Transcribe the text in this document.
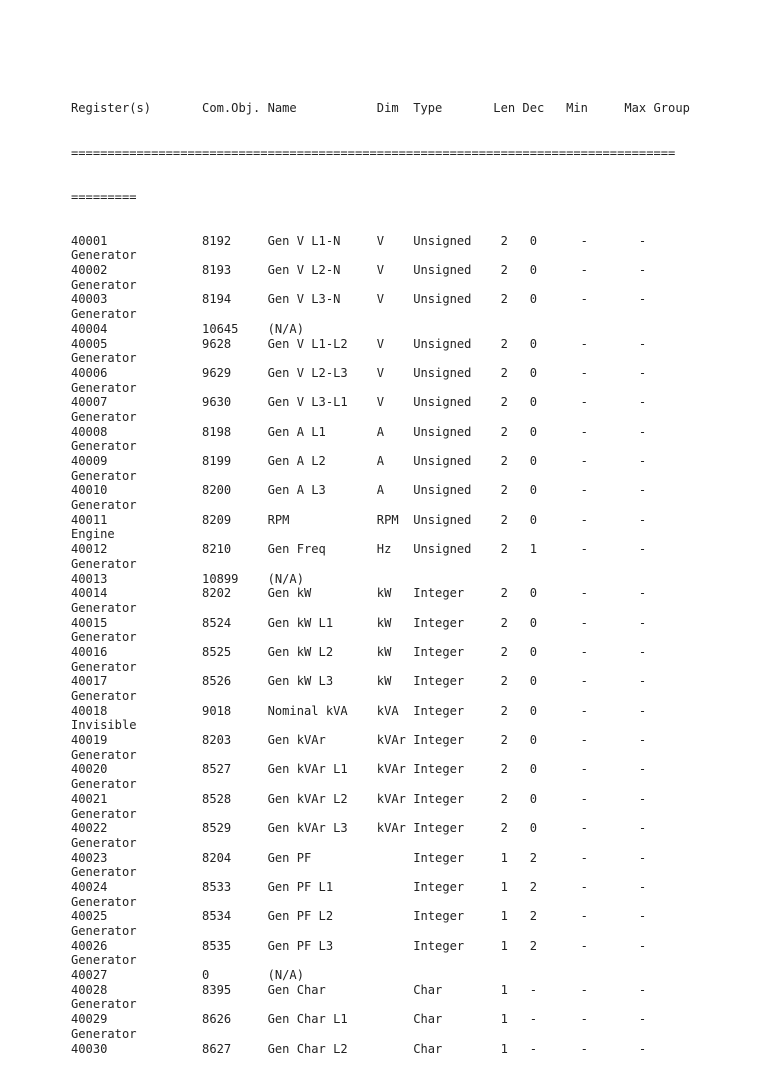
Register(s)       Com.Obj. Name           Dim  Type       Len Dec   Min     Max Group

===================================================================================

=========

40001             8192     Gen V L1-N     V    Unsigned    2   0      -       -
Generator
40002             8193     Gen V L2-N     V    Unsigned    2   0      -       -
Generator
40003             8194     Gen V L3-N     V    Unsigned    2   0      -       -
Generator
40004             10645    (N/A)
40005             9628     Gen V L1-L2    V    Unsigned    2   0      -       -
Generator
40006             9629     Gen V L2-L3    V    Unsigned    2   0      -       -
Generator
40007             9630     Gen V L3-L1    V    Unsigned    2   0      -       -
Generator
40008             8198     Gen A L1       A    Unsigned    2   0      -       -
Generator
40009             8199     Gen A L2       A    Unsigned    2   0      -       -
Generator
40010             8200     Gen A L3       A    Unsigned    2   0      -       -
Generator
40011             8209     RPM            RPM  Unsigned    2   0      -       -
Engine
40012             8210     Gen Freq       Hz   Unsigned    2   1      -       -
Generator
40013             10899    (N/A)
40014             8202     Gen kW         kW   Integer     2   0      -       -
Generator
40015             8524     Gen kW L1      kW   Integer     2   0      -       -
Generator
40016             8525     Gen kW L2      kW   Integer     2   0      -       -
Generator
40017             8526     Gen kW L3      kW   Integer     2   0      -       -
Generator
40018             9018     Nominal kVA    kVA  Integer     2   0      -       -
Invisible
40019             8203     Gen kVAr       kVAr Integer     2   0      -       -
Generator
40020             8527     Gen kVAr L1    kVAr Integer     2   0      -       -
Generator
40021             8528     Gen kVAr L2    kVAr Integer     2   0      -       -
Generator
40022             8529     Gen kVAr L3    kVAr Integer     2   0      -       -
Generator
40023             8204     Gen PF              Integer     1   2      -       -
Generator
40024             8533     Gen PF L1           Integer     1   2      -       -
Generator
40025             8534     Gen PF L2           Integer     1   2      -       -
Generator
40026             8535     Gen PF L3           Integer     1   2      -       -
Generator
40027             0        (N/A)
40028             8395     Gen Char            Char        1   -      -       -
Generator
40029             8626     Gen Char L1         Char        1   -      -       -
Generator
40030             8627     Gen Char L2         Char        1   -      -       -
